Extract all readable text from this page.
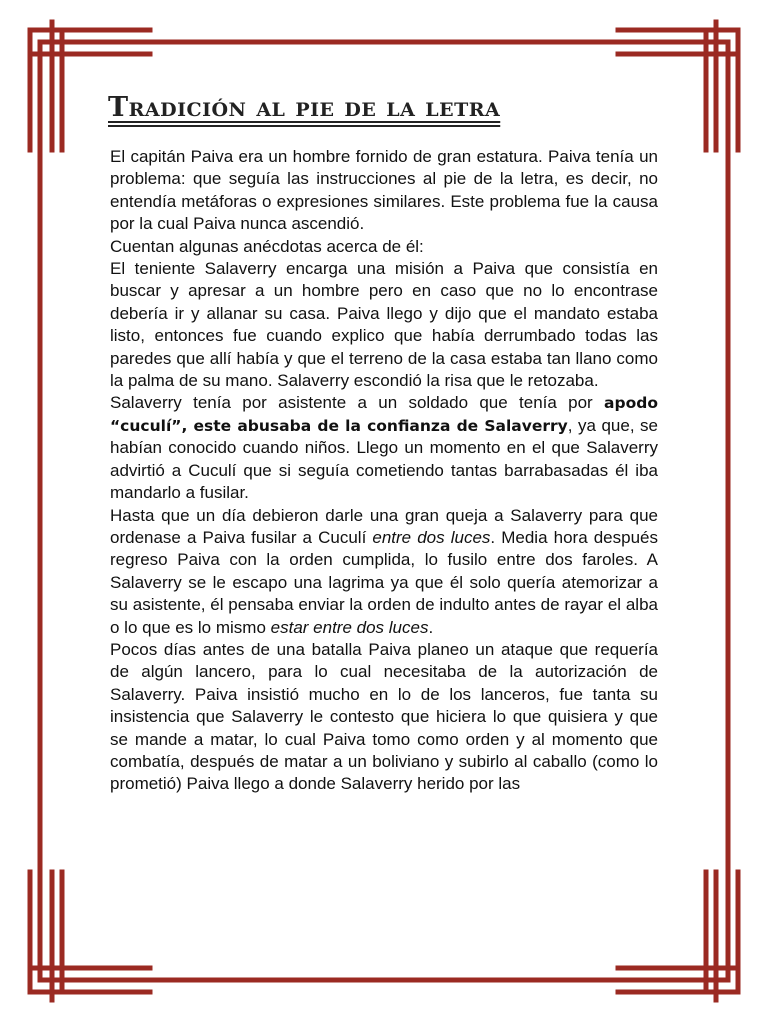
Tradición al pie de la letra

El capitán Paiva era un hombre fornido de gran estatura. Paiva tenía un problema: que seguía las instrucciones al pie de la letra, es decir, no entendía metáforas o expresiones similares. Este problema fue la causa por la cual Paiva nunca ascendió.

Cuentan algunas anécdotas acerca de él:

El teniente Salaverry encarga una misión a Paiva que consistía en buscar y apresar a un hombre pero en caso que no lo encontrase debería ir y allanar su casa. Paiva llego y dijo que el mandato estaba listo, entonces fue cuando explico que había derrumbado todas las paredes que allí había y que el terreno de la casa estaba tan llano como la palma de su mano. Salaverry escondió la risa que le retozaba.

Salaverry tenía por asistente a un soldado que tenía por apodo “cuculí”, este abusaba de la confianza de Salaverry, ya que, se habían conocido cuando niños. Llego un momento en el que Salaverry advirtió a Cuculí que si seguía cometiendo tantas barrabasadas él iba mandarlo a fusilar.

Hasta que un día debieron darle una gran queja a Salaverry para que ordenase a Paiva fusilar a Cuculí entre dos luces. Media hora después regreso Paiva con la orden cumplida, lo fusilo entre dos faroles. A Salaverry se le escapo una lagrima ya que él solo quería atemorizar a su asistente, él pensaba enviar la orden de indulto antes de rayar el alba o lo que es lo mismo estar entre dos luces.

Pocos días antes de una batalla Paiva planeo un ataque que requería de algún lancero, para lo cual necesitaba de la autorización de Salaverry. Paiva insistió mucho en lo de los lanceros, fue tanta su insistencia que Salaverry le contesto que hiciera lo que quisiera y que se mande a matar, lo cual Paiva tomo como orden y al momento que combatía, después de matar a un boliviano y subirlo al caballo (como lo prometió) Paiva llego a donde Salaverry herido por las
